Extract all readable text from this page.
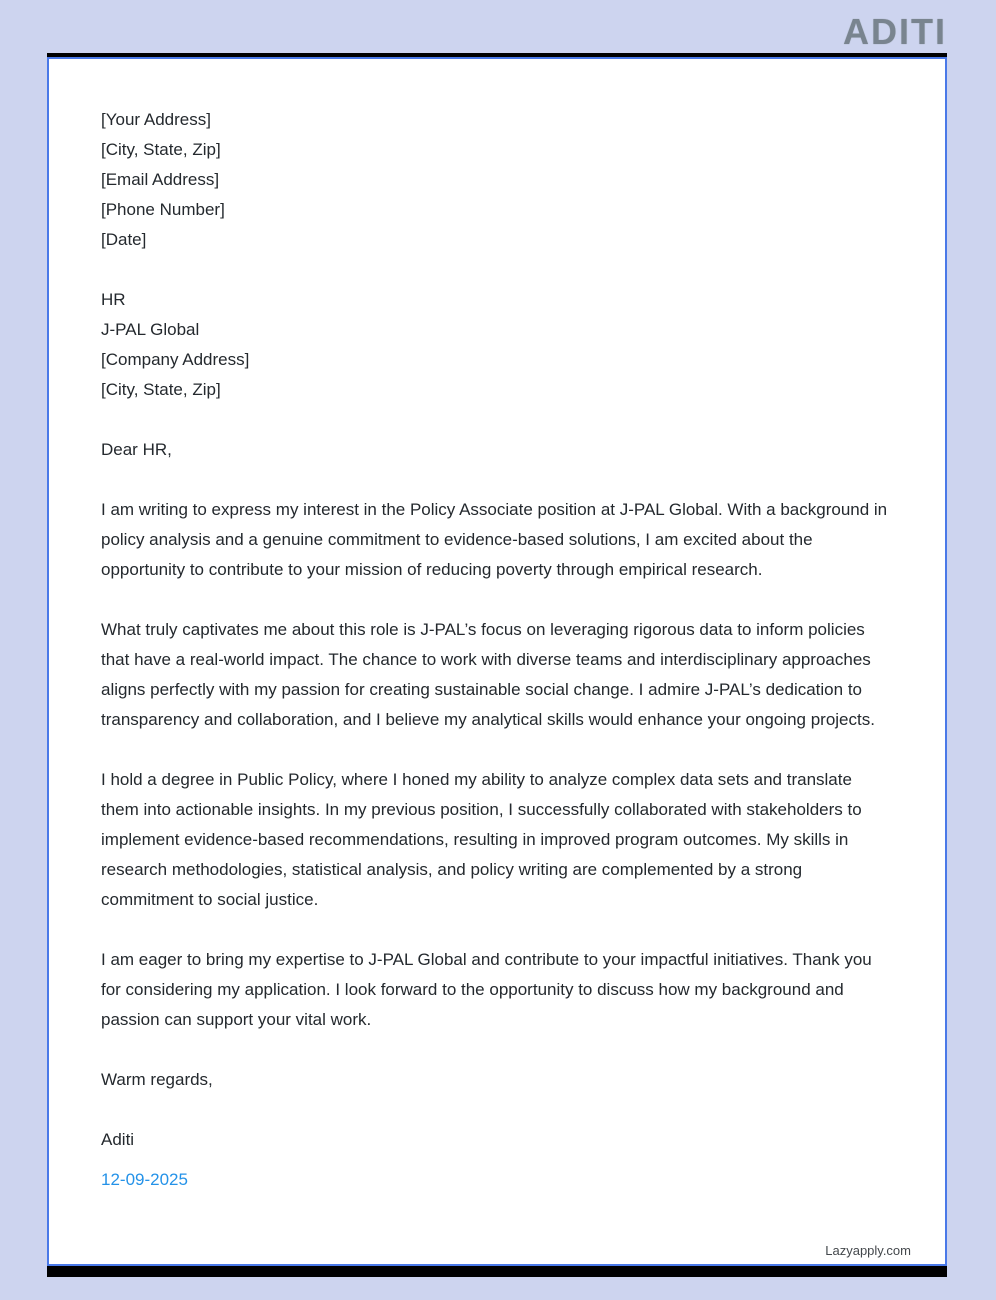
ADITI
[Your Address]
[City, State, Zip]
[Email Address]
[Phone Number]
[Date]
HR
J-PAL Global
[Company Address]
[City, State, Zip]
Dear HR,

I am writing to express my interest in the Policy Associate position at J-PAL Global. With a background in policy analysis and a genuine commitment to evidence-based solutions, I am excited about the opportunity to contribute to your mission of reducing poverty through empirical research.

What truly captivates me about this role is J-PAL’s focus on leveraging rigorous data to inform policies that have a real-world impact. The chance to work with diverse teams and interdisciplinary approaches aligns perfectly with my passion for creating sustainable social change. I admire J-PAL’s dedication to transparency and collaboration, and I believe my analytical skills would enhance your ongoing projects.

I hold a degree in Public Policy, where I honed my ability to analyze complex data sets and translate them into actionable insights. In my previous position, I successfully collaborated with stakeholders to implement evidence-based recommendations, resulting in improved program outcomes. My skills in research methodologies, statistical analysis, and policy writing are complemented by a strong commitment to social justice.

I am eager to bring my expertise to J-PAL Global and contribute to your impactful initiatives. Thank you for considering my application. I look forward to the opportunity to discuss how my background and passion can support your vital work.

Warm regards,
Aditi
12-09-2025
Lazyapply.com
